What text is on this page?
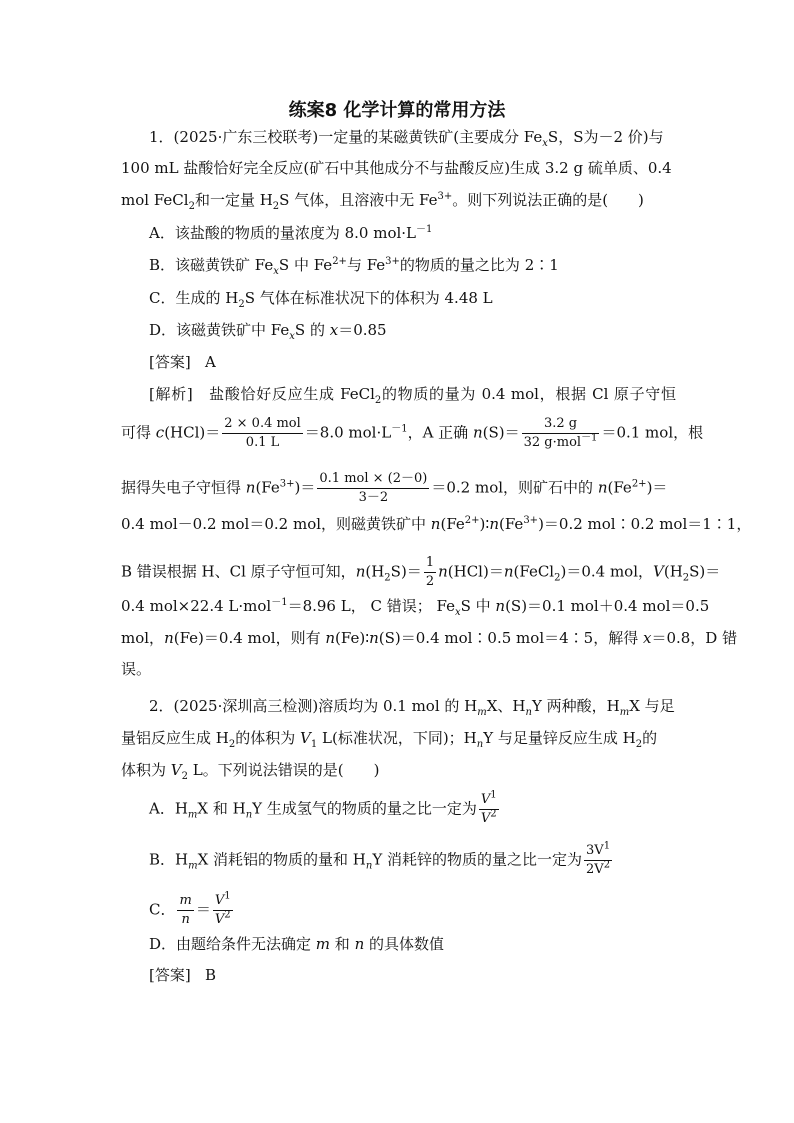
练案8 化学计算的常用方法
1．(2025·广东三校联考)一定量的某磁黄铁矿(主要成分 $Fe_xS$，S为－2 价)与
100 mL 盐酸恰好完全反应(矿石中其他成分不与盐酸反应)生成 3.2 g 硫单质、0.4
mol FeCl$_2$和一定量 $H_2S$ 气体，且溶液中无 $Fe^{3+}$。则下列说法正确的是(　　)
A．该盐酸的物质的量浓度为 8.0 $mol\cdot L^{-1}$
B．该磁黄铁矿 $Fe_xS$ 中 $Fe^{2+}$与 $Fe^{3+}$的物质的量之比为 2∶1
C．生成的 $H_2S$ 气体在标准状况下的体积为 4.48 L
D．该磁黄铁矿中 $Fe_xS$ 的 x＝0.85
[答案] A
[解析] 盐酸恰好反应生成 FeCl$_2$的物质的量为 0.4 mol，根据 Cl 原子守恒
可得 $c(HCl)= \frac{\text{2 × 0.4 mol}}{0.1 L} =8.0$ $mol\cdot L^{-1}$，A 正确 $n(S)= \frac{3.2 g}{32 g\cdot mol^{-1}} =0.1$ mol，根
据得失电子守恒得 $n(Fe^{3+})= \frac{\text{0.1 mol × (2－0)}}{3-2} =0.2$ mol，则矿石中的 $n(Fe^{2+})=$
0.4 mol－0.2 mol＝0.2 mol，则磁黄铁矿中 $n(Fe^{2+})∶n(Fe^{3+})=0.2$ mol∶0.2 mol＝1∶1，
B 错误根据 H、Cl 原子守恒可知，$n(H_2S)= \frac{1}{2}$ n(HCl)＝n(FeCl$_2$)＝0.4 mol，$V(H_2S)=$
0.4 mol×22.4 L·mol$^{-1}$＝8.96 L， C 错误； $Fe_xS$ 中 n(S)＝0.1 mol＋0.4 mol＝0.5
mol，n(Fe)＝0.4 mol，则有 n(Fe)∶n(S)＝0.4 mol∶0.5 mol＝4∶5，解得 x＝0.8，D 错
误。
2．(2025·深圳高三检测)溶质均为 0.1 mol 的 $H_mX$、$H_nY$ 两种酸，$H_mX$ 与足
量铝反应生成 $H_2$的体积为 $V_1$ L(标准状况，下同)；$H_nY$ 与足量锌反应生成 $H_2$的
体积为 $V_2$ L。下列说法错误的是(　　)
A．$H_mX$ 和 $H_nY$ 生成氢气的物质的量之比一定为 $\frac{V^1}{V^2}$
B．$H_mX$ 消耗铝的物质的量和 $H_nY$ 消耗锌的物质的量之比一定为 $\frac{3V^1}{2V^2}$
C． $\frac{m}{n} = \frac{V^1}{V^2}$
D．由题给条件无法确定 m 和 n 的具体数值
[答案] B
